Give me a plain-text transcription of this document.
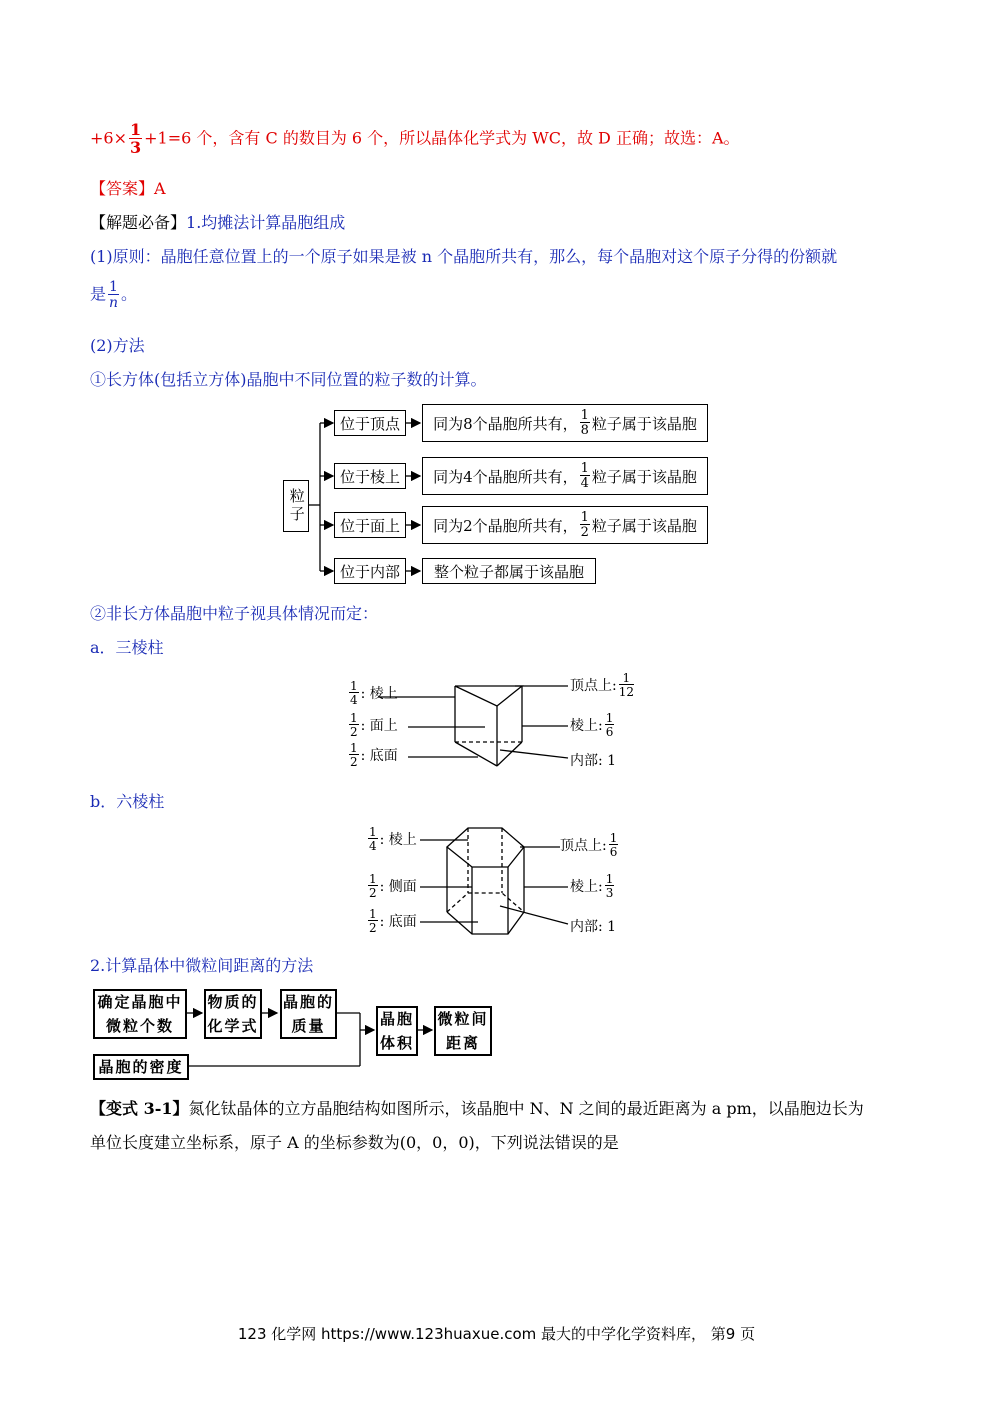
$+6\times \frac{1}{3} +1=6$ 个，含有 C 的数目为 6 个，所以晶体化学式为 WC，故 D 正确；故选：A。
【答案】A
【解题必备】1.均摊法计算晶胞组成
(1)原则：晶胞任意位置上的一个原子如果是被 n 个晶胞所共有，那么，每个晶胞对这个原子分得的份额就
是 $\frac{1}{n}$ 。
(2)方法
①长方体(包括立方体)晶胞中不同位置的粒子数的计算。
粒子
位于顶点
位于棱上
位于面上
位于内部
同为8个晶胞所共有， $\frac{1}{8}$ 粒子属于该晶胞
同为4个晶胞所共有， $\frac{1}{4}$ 粒子属于该晶胞
同为2个晶胞所共有， $\frac{1}{2}$ 粒子属于该晶胞
整个粒子都属于该晶胞
②非长方体晶胞中粒子视具体情况而定：
a．三棱柱
$\frac{1}{4}$ : 棱上
$\frac{1}{2}$ : 面上
$\frac{1}{2}$ : 底面
顶点上: $\frac{1}{12}$
棱上: $\frac{1}{6}$
内部: 1
b．六棱柱
$\frac{1}{4}$ : 棱上
$\frac{1}{2}$ : 侧面
$\frac{1}{2}$ : 底面
顶点上: $\frac{1}{6}$
棱上: $\frac{1}{3}$
内部: 1
2.计算晶体中微粒间距离的方法
确定晶胞中
微粒个数
物质的
化学式
晶胞的
质量	晶胞
体积
微粒间
距离
晶胞的密度
【变式 3-1】氮化钛晶体的立方晶胞结构如图所示，该晶胞中 N、N 之间的最近距离为 a pm，以晶胞边长为
单位长度建立坐标系，原子 A 的坐标参数为(0，0，0)，下列说法错误的是
123 化学网 https://www.123huaxue.com 最大的中学化学资料库， 第9 页
